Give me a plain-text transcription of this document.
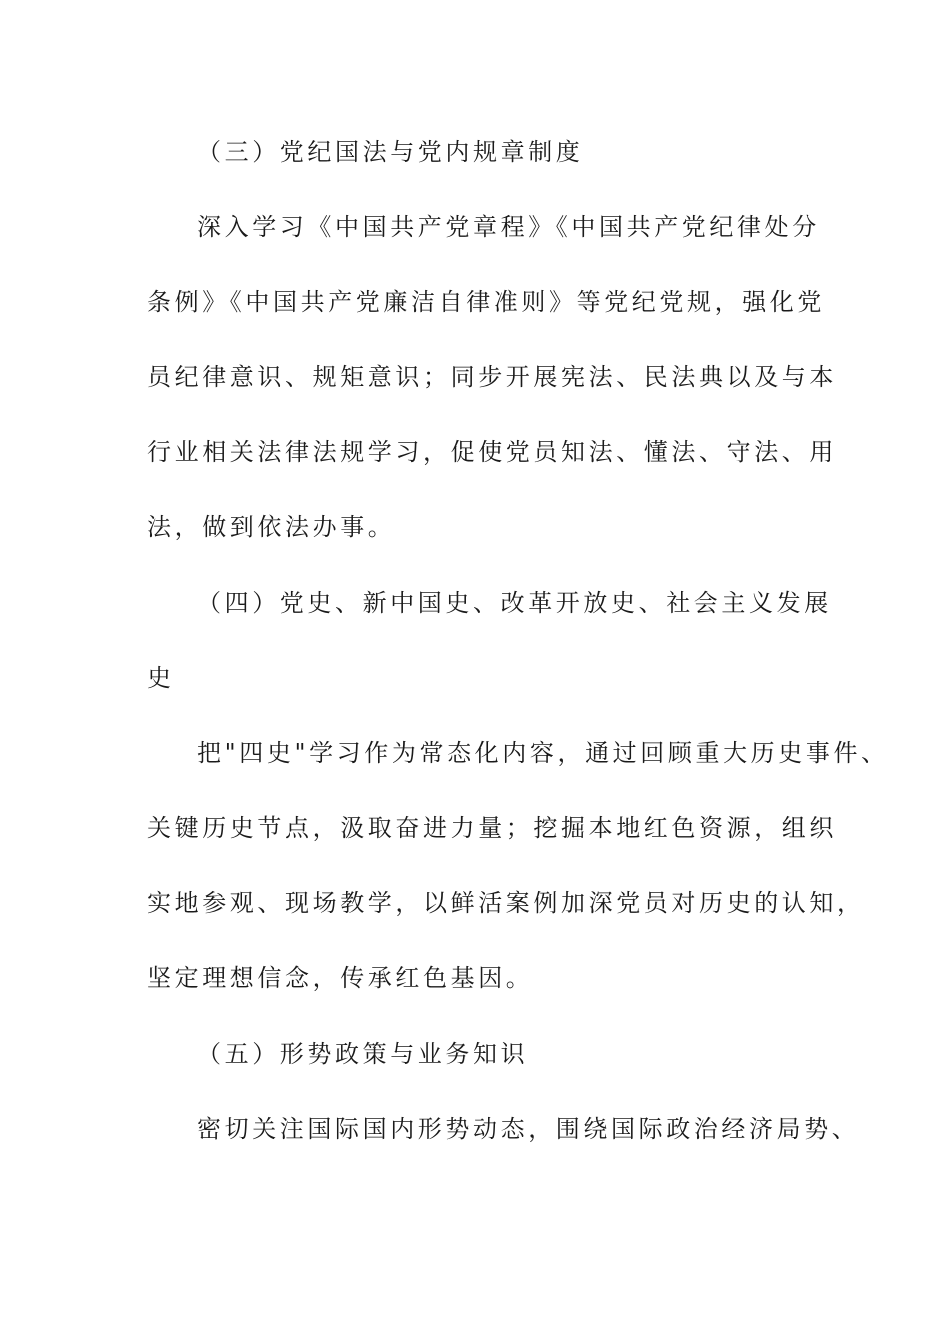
（三）党纪国法与党内规章制度
深入学习《中国共产党章程》《中国共产党纪律处分
条例》《中国共产党廉洁自律准则》等党纪党规，强化党
员纪律意识、规矩意识；同步开展宪法、民法典以及与本
行业相关法律法规学习，促使党员知法、懂法、守法、用
法，做到依法办事。
（四）党史、新中国史、改革开放史、社会主义发展
史
把"四史"学习作为常态化内容，通过回顾重大历史事件、
关键历史节点，汲取奋进力量；挖掘本地红色资源，组织
实地参观、现场教学，以鲜活案例加深党员对历史的认知，
坚定理想信念，传承红色基因。
（五）形势政策与业务知识
密切关注国际国内形势动态，围绕国际政治经济局势、
